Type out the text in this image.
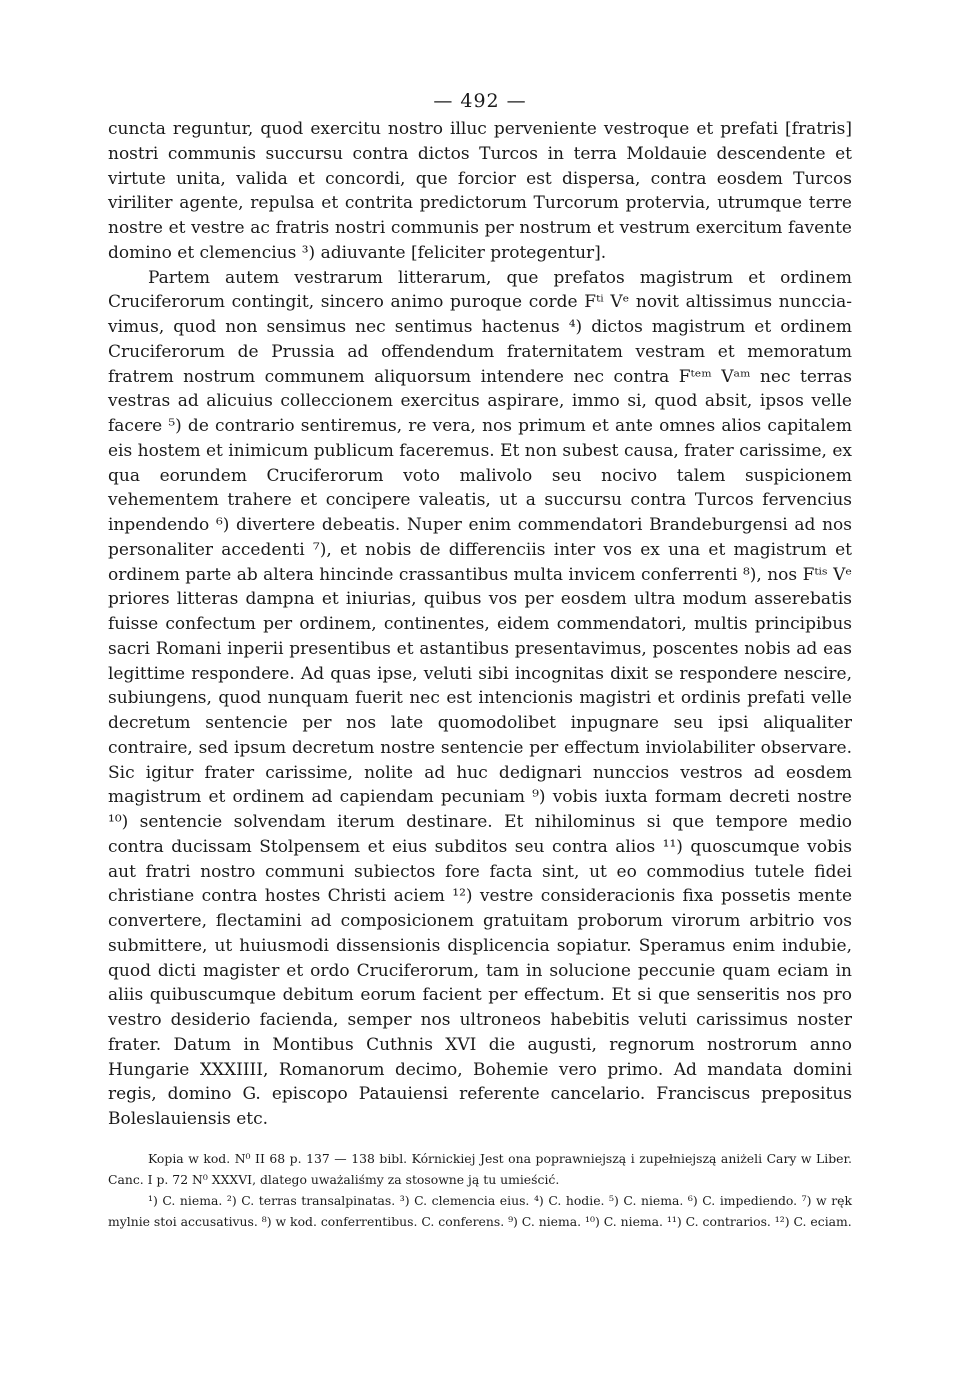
— 492 —

cuncta reguntur, quod exercitu nostro illuc perveniente vestroque et prefati [fratris] nostri communis succursu contra dictos Turcos in terra Moldauie descendente et virtute unita, valida et concordi, que forcior est dispersa, contra eosdem Turcos viriliter agente, repulsa et contrita predictorum Turcorum protervia, utrumque terre nostre et vestre ac fratris nostri communis per nostrum et vestrum exercitum favente domino et clemencius ³) adiuvante [feliciter protegentur].

Partem autem vestrarum litterarum, que prefatos magistrum et ordinem Cruciferorum contingit, sincero animo puroque corde Fᵗⁱ Vᵉ novit altissimus nunccia-vimus, quod non sensimus nec sentimus hactenus ⁴) dictos magistrum et ordinem Cruciferorum de Prussia ad offendendum fraternitatem vestram et memoratum fratrem nostrum communem aliquorsum intendere nec contra Fᵗᵉᵐ Vᵃᵐ nec terras vestras ad alicuius colleccionem exercitus aspirare, immo si, quod absit, ipsos velle facere ⁵) de contrario sentiremus, re vera, nos primum et ante omnes alios capitalem eis hostem et inimicum publicum faceremus. Et non subest causa, frater carissime, ex qua eorundem Cruciferorum voto malivolo seu nocivo talem suspicionem vehementem trahere et concipere valeatis, ut a succursu contra Turcos fervencius inpendendo ⁶) divertere debeatis. Nuper enim commendatori Brandeburgensi ad nos personaliter accedenti ⁷), et nobis de differenciis inter vos ex una et magistrum et ordinem parte ab altera hincinde crassantibus multa invicem conferrenti ⁸), nos Fᵗⁱˢ Vᵉ priores litteras dampna et iniurias, quibus vos per eosdem ultra modum asserebatis fuisse confectum per ordinem, continentes, eidem commendatori, multis principibus sacri Romani inperii presentibus et astantibus presentavimus, poscentes nobis ad eas legittime respondere. Ad quas ipse, veluti sibi incognitas dixit se respondere nescire, subiungens, quod nunquam fuerit nec est intencionis magistri et ordinis prefati velle decretum sentencie per nos late quomodolibet inpugnare seu ipsi aliqualiter contraire, sed ipsum decretum nostre sentencie per effectum inviolabiliter observare. Sic igitur frater carissime, nolite ad huc dedignari nunccios vestros ad eosdem magistrum et ordinem ad capiendam pecuniam ⁹) vobis iuxta formam decreti nostre ¹⁰) sentencie solvendam iterum destinare. Et nihilominus si que tempore medio contra ducissam Stolpensem et eius subditos seu contra alios ¹¹) quoscumque vobis aut fratri nostro communi subiectos fore facta sint, ut eo commodius tutele fidei christiane contra hostes Christi aciem ¹²) vestre consideracionis fixa possetis mente convertere, flectamini ad composicionem gratuitam proborum virorum arbitrio vos submittere, ut huiusmodi dissensionis displicencia sopiatur. Speramus enim indubie, quod dicti magister et ordo Cruciferorum, tam in solucione peccunie quam eciam in aliis quibuscumque debitum eorum facient per effectum. Et si que senseritis nos pro vestro desiderio facienda, semper nos ultroneos habebitis veluti carissimus noster frater. Datum in Montibus Cuthnis XVI die augusti, regnorum nostrorum anno Hungarie XXXIIII, Romanorum decimo, Bohemie vero primo. Ad mandata domini regis, domino G. episcopo Patauiensi referente cancelario. Franciscus prepositus Boleslauiensis etc.

Kopia w kod. N⁰ II 68 p. 137 — 138 bibl. Kórnickiej Jest ona poprawniejszą i zupełniejszą aniżeli Cary w Liber. Canc. I p. 72 N⁰ XXXVI, dlatego uważaliśmy za stosowne ją tu umieścić.

¹) C. niema. ²) C. terras transalpinatas. ³) C. clemencia eius. ⁴) C. hodie. ⁵) C. niema. ⁶) C. impediendo. ⁷) w ręk mylnie stoi accusativus. ⁸) w kod. conferrentibus. C. conferens. ⁹) C. niema. ¹⁰) C. niema. ¹¹) C. contrarios. ¹²) C. eciam.
